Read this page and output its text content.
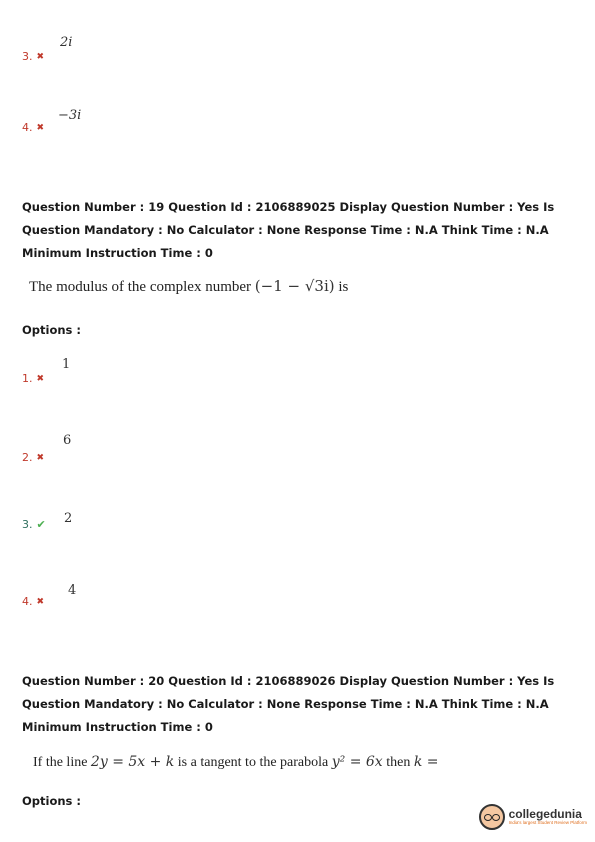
2i
3. ✖
−3i
4. ✖
Question Number : 19 Question Id : 2106889025 Display Question Number : Yes Is Question Mandatory : No Calculator : None Response Time : N.A Think Time : N.A Minimum Instruction Time : 0
The modulus of the complex number (−1 − √3i) is
Options :
1
1. ✖
6
2. ✖
2
3. ✔
4
4. ✖
Question Number : 20 Question Id : 2106889026 Display Question Number : Yes Is Question Mandatory : No Calculator : None Response Time : N.A Think Time : N.A Minimum Instruction Time : 0
If the line 2y = 5x + k is a tangent to the parabola y² = 6x then k =
Options :
collegedunia
India's largest Student Review Platform
